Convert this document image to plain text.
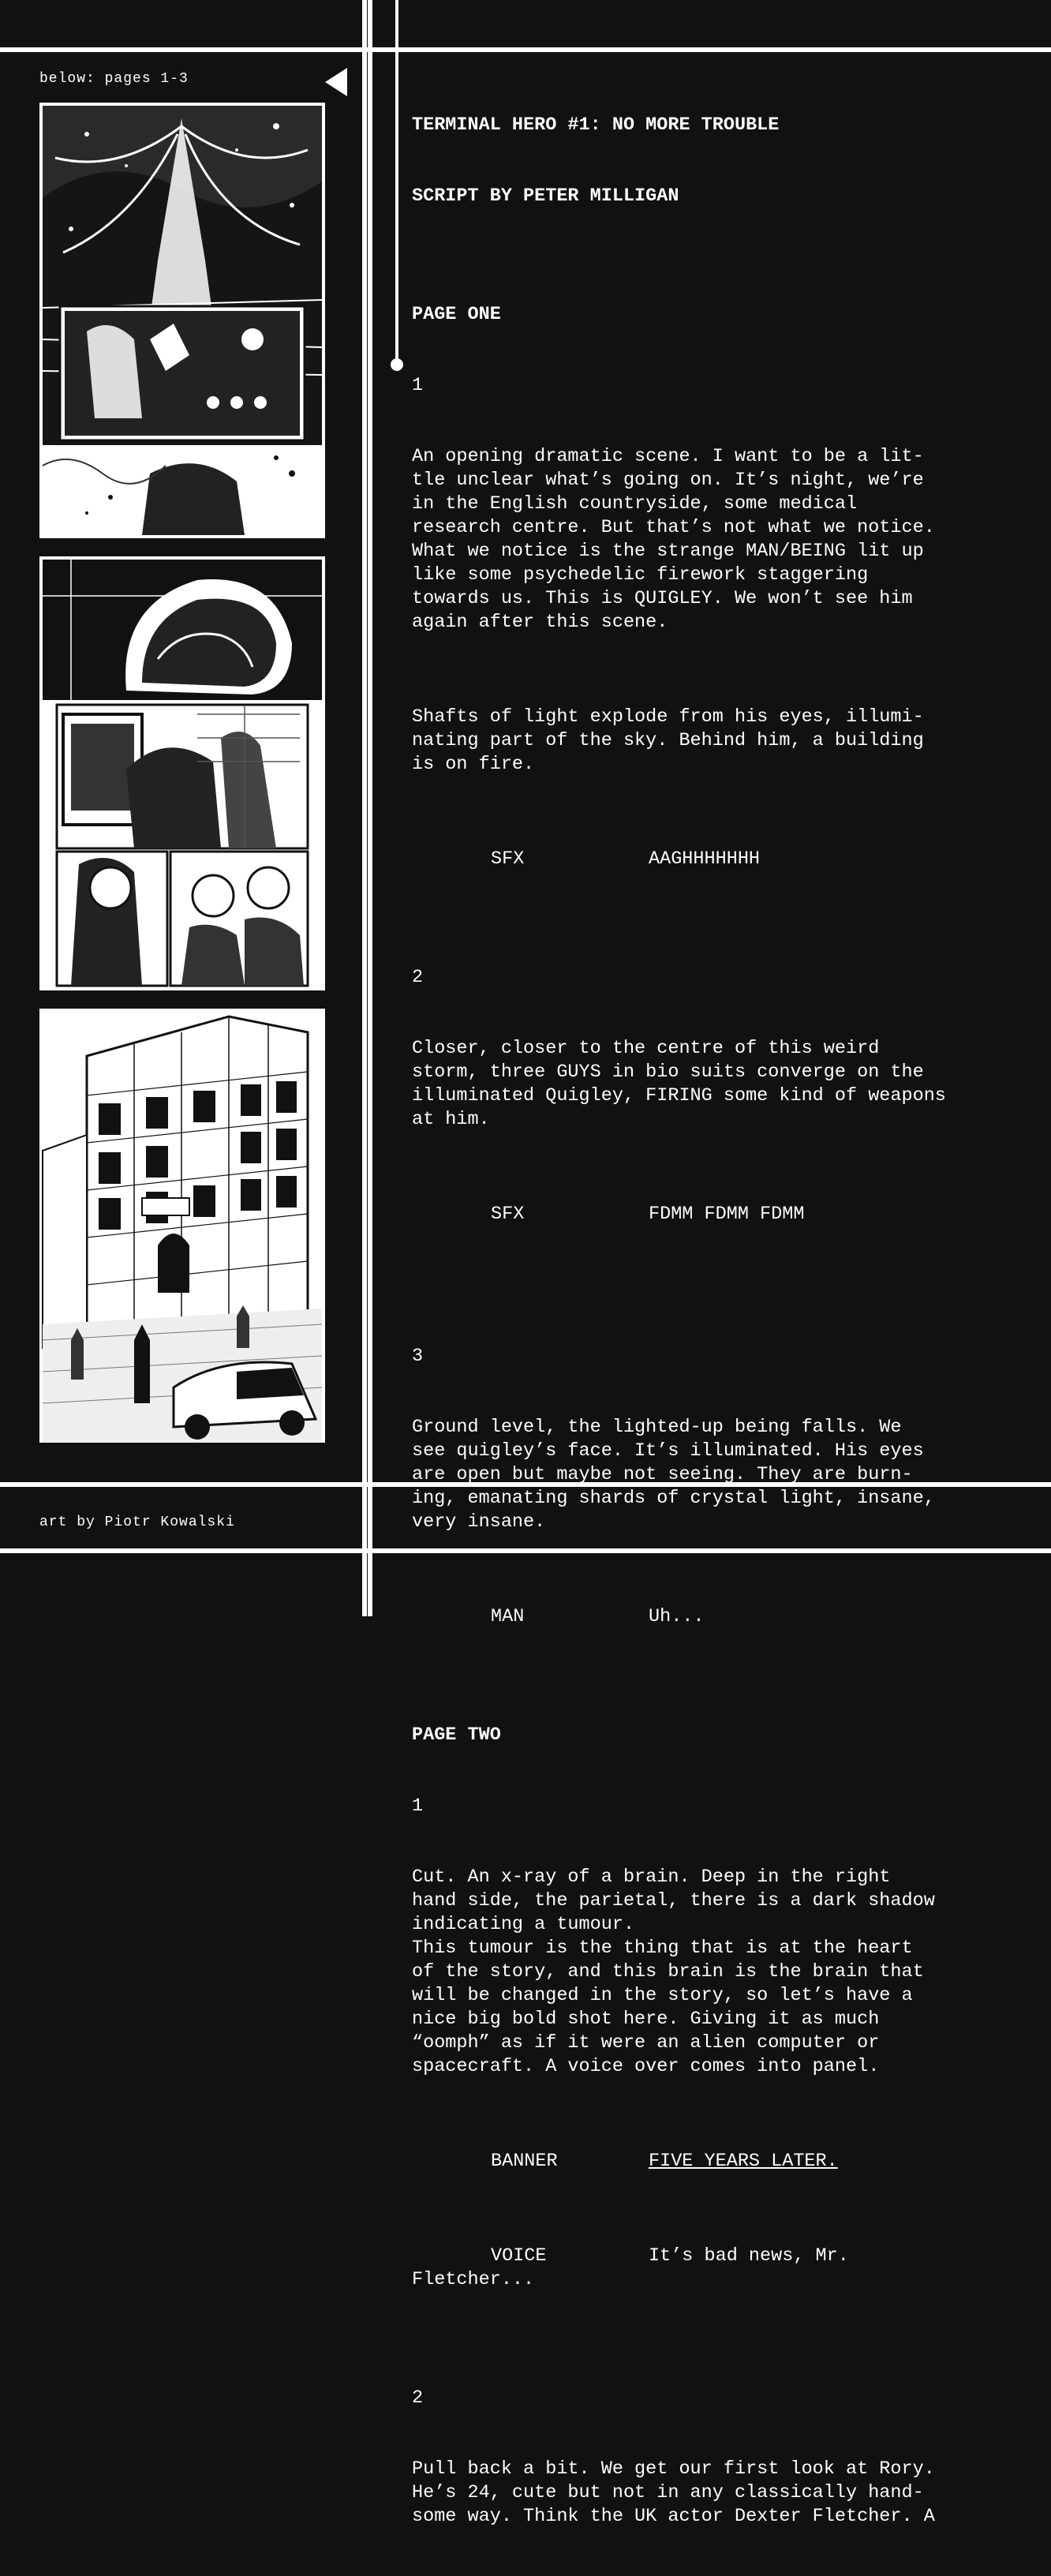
below: pages 1-3
art by Piotr Kowalski

TERMINAL HERO #1: NO MORE TROUBLE

SCRIPT BY PETER MILLIGAN

PAGE ONE

1

An opening dramatic scene. I want to be a lit-
tle unclear what’s going on. It’s night, we’re
in the English countryside, some medical
research centre. But that’s not what we notice.
What we notice is the strange MAN/BEING lit up
like some psychedelic firework staggering
towards us. This is QUIGLEY. We won’t see him
again after this scene.

Shafts of light explode from his eyes, illumi-
nating part of the sky. Behind him, a building
is on fire.

SFX	AAGHHHHHHH

2

Closer, closer to the centre of this weird
storm, three GUYS in bio suits converge on the
illuminated Quigley, FIRING some kind of weapons
at him.

SFX	FDMM FDMM FDMM

3

Ground level, the lighted-up being falls. We
see quigley’s face. It’s illuminated. His eyes
are open but maybe not seeing. They are burn-
ing, emanating shards of crystal light, insane,
very insane.

MAN	Uh...

PAGE TWO

1

Cut. An x-ray of a brain. Deep in the right
hand side, the parietal, there is a dark shadow
indicating a tumour.
This tumour is the thing that is at the heart
of the story, and this brain is the brain that
will be changed in the story, so let’s have a
nice big bold shot here. Giving it as much
“oomph” as if it were an alien computer or
spacecraft. A voice over comes into panel.

BANNER	FIVE YEARS LATER.

VOICE	It’s bad news, Mr.
Fletcher...

2

Pull back a bit. We get our first look at Rory.
He’s 24, cute but not in any classically hand-
some way. Think the UK actor Dexter Fletcher. A
